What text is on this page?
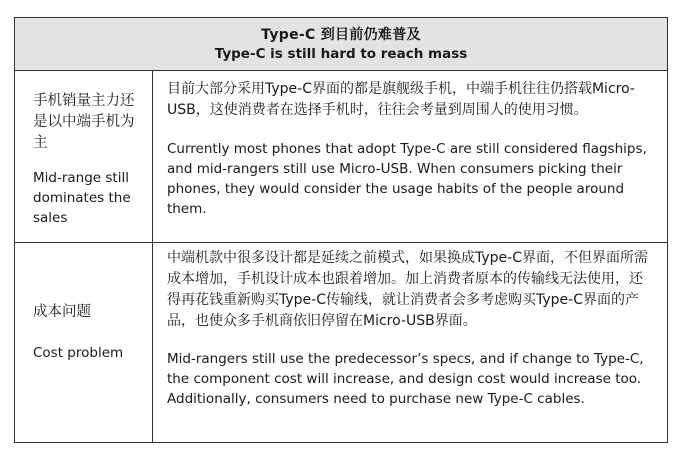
Type-C 到目前仍难普及
Type-C is still hard to reach mass
手机销量主力还是以中端手机为主
Mid-range still dominates the sales
目前大部分采用Type-C界面的都是旗舰级手机，中端手机往往仍搭载Micro-USB，这使消费者在选择手机时，往往会考量到周围人的使用习惯。
Currently most phones that adopt Type-C are still considered flagships, and mid-rangers still use Micro-USB. When consumers picking their phones, they would consider the usage habits of the people around them.
成本问题
Cost problem
中端机款中很多设计都是延续之前模式，如果换成Type-C界面，不但界面所需成本增加，手机设计成本也跟着增加。加上消费者原本的传输线无法使用，还得再花钱重新购买Type-C传输线，就让消费者会多考虑购买Type-C界面的产品，也使众多手机商依旧停留在Micro-USB界面。
Mid-rangers still use the predecessor’s specs, and if change to Type-C, the component cost will increase, and design cost would increase too. Additionally, consumers need to purchase new Type-C cables.
